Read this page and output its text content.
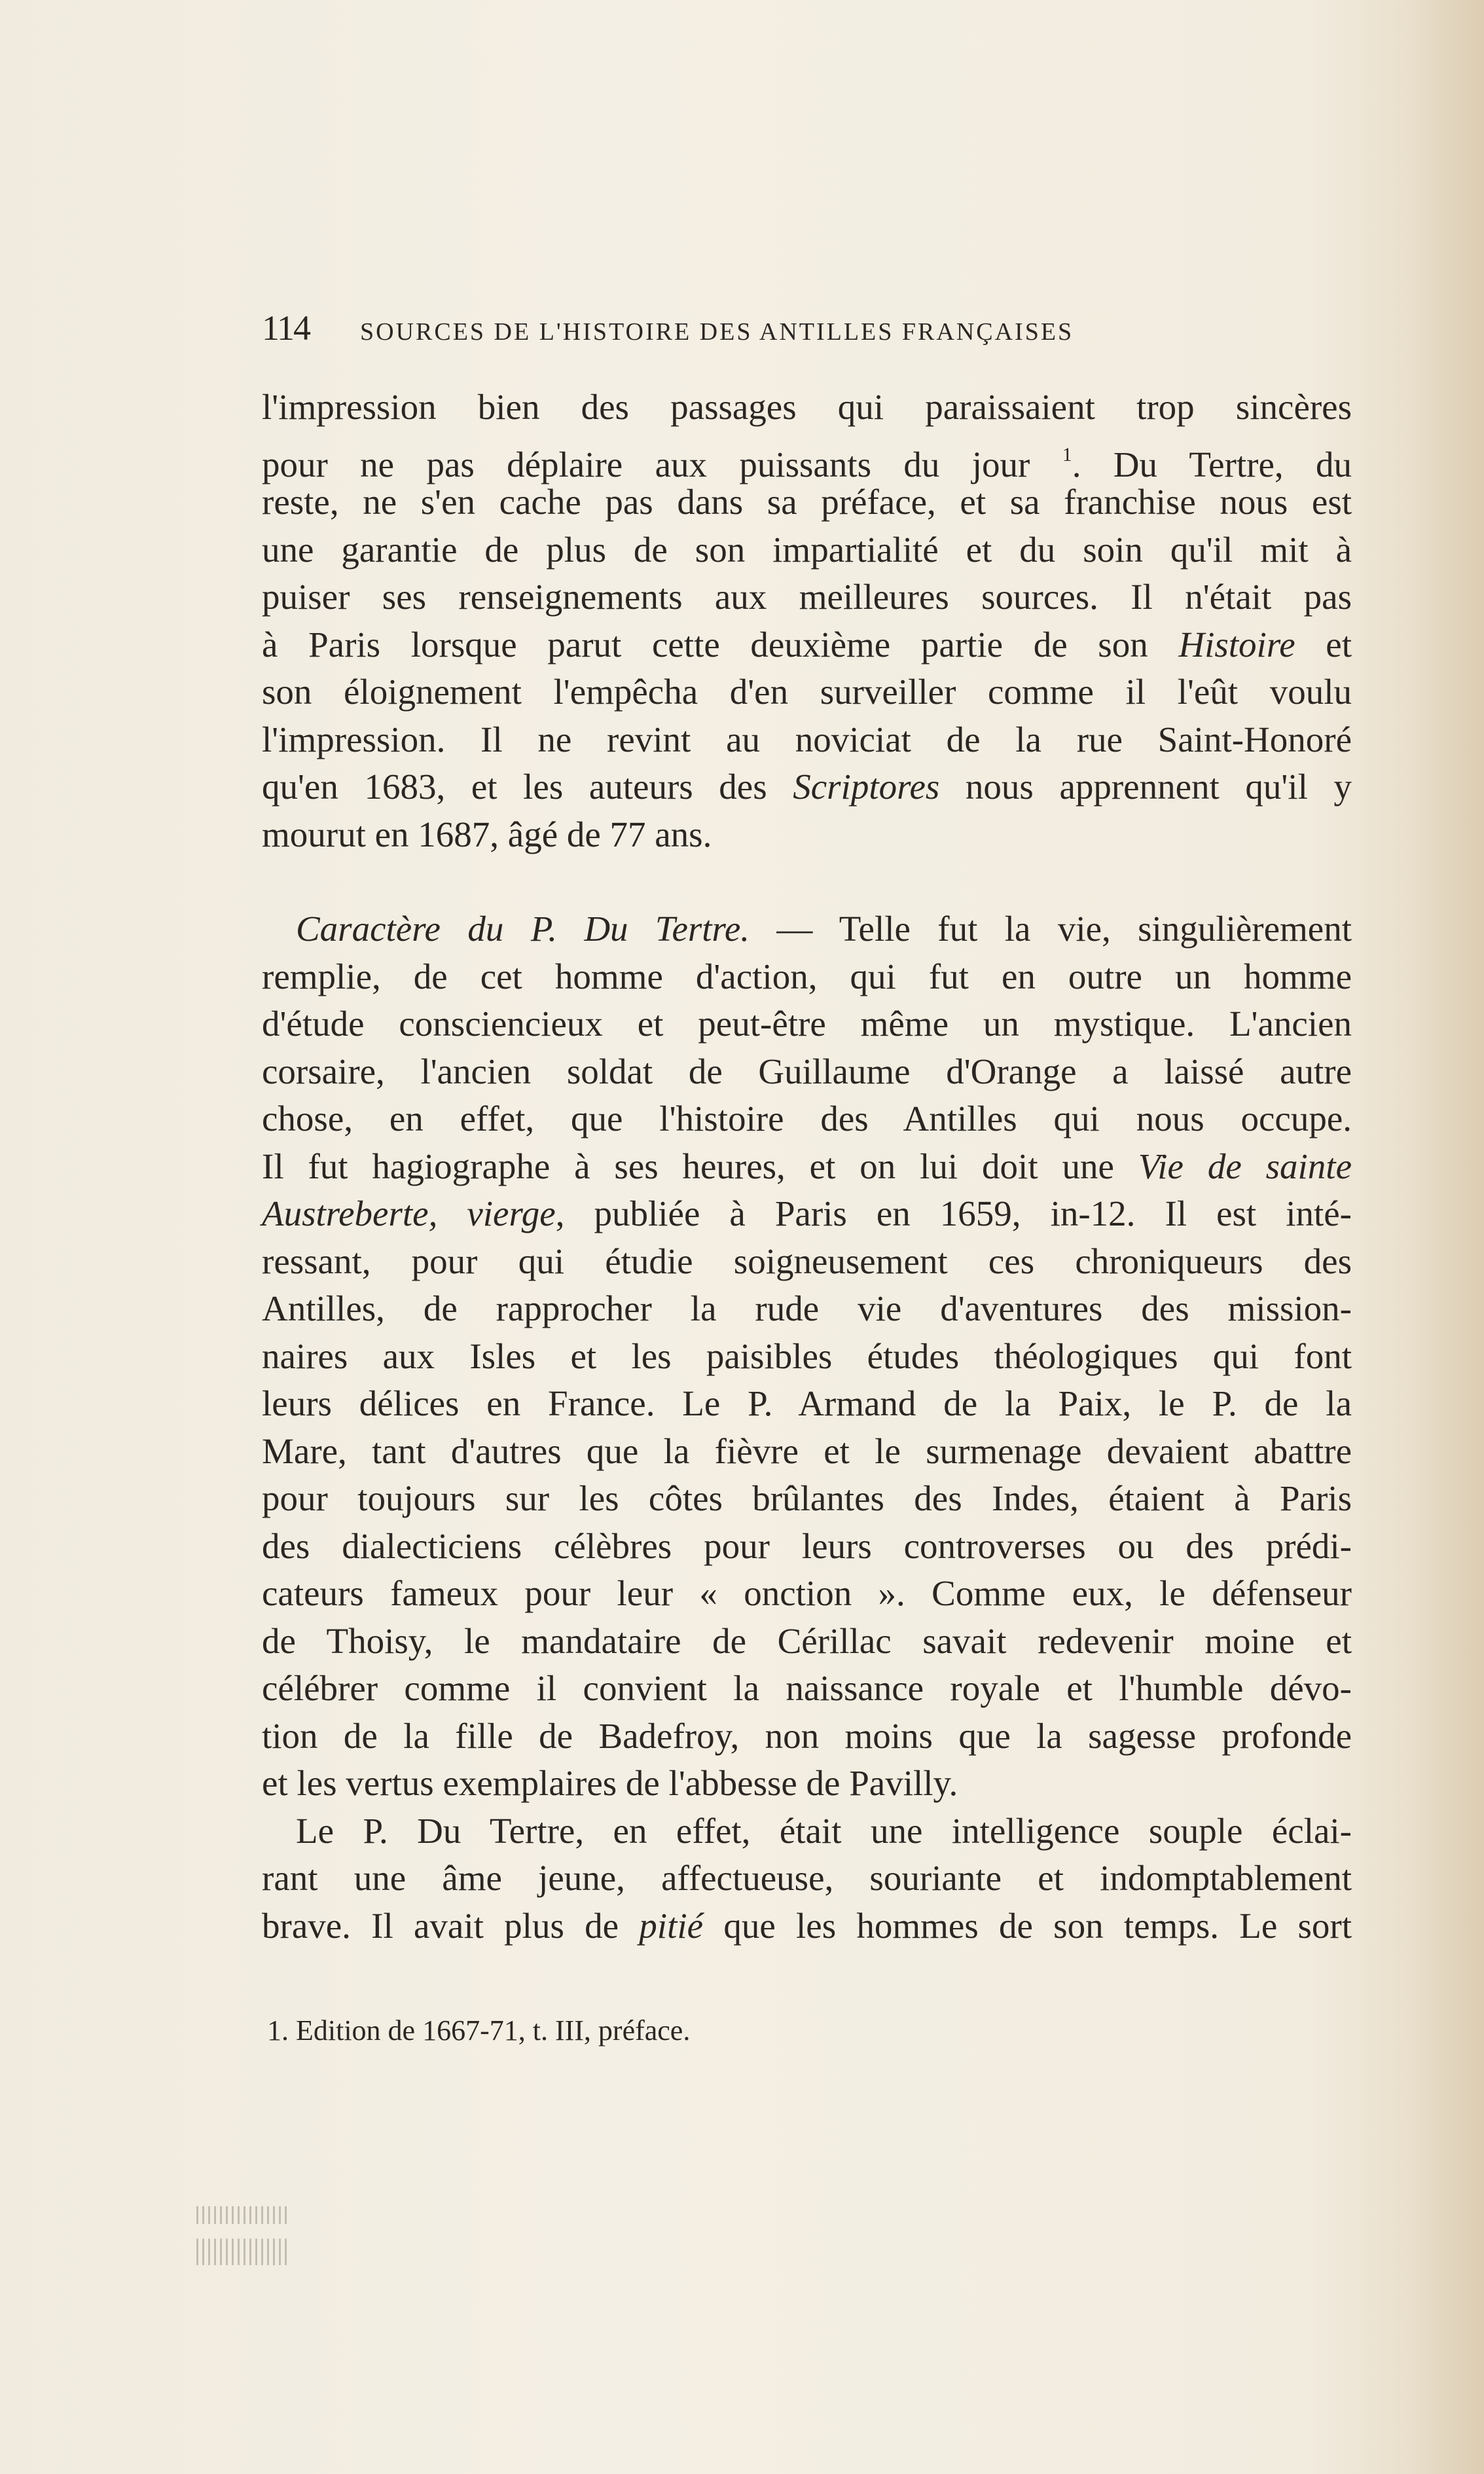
114	SOURCES DE L'HISTOIRE DES ANTILLES FRANÇAISES
l'impression bien des passages qui paraissaient trop sincères
pour ne pas déplaire aux puissants du jour $^1$. Du Tertre, du
reste, ne s'en cache pas dans sa préface, et sa franchise nous est
une garantie de plus de son impartialité et du soin qu'il mit à
puiser ses renseignements aux meilleures sources. Il n'était pas
à Paris lorsque parut cette deuxième partie de son Histoire et
son éloignement l'empêcha d'en surveiller comme il l'eût voulu
l'impression. Il ne revint au noviciat de la rue Saint-Honoré
qu'en 1683, et les auteurs des Scriptores nous apprennent qu'il y
mourut en 1687, âgé de 77 ans.
Caractère du P. Du Tertre. — Telle fut la vie, singulièrement
remplie, de cet homme d'action, qui fut en outre un homme
d'étude consciencieux et peut-être même un mystique. L'ancien
corsaire, l'ancien soldat de Guillaume d'Orange a laissé autre
chose, en effet, que l'histoire des Antilles qui nous occupe.
Il fut hagiographe à ses heures, et on lui doit une Vie de sainte
Austreberte, vierge, publiée à Paris en 1659, in-12. Il est inté-
ressant, pour qui étudie soigneusement ces chroniqueurs des
Antilles, de rapprocher la rude vie d'aventures des mission-
naires aux Isles et les paisibles études théologiques qui font
leurs délices en France. Le P. Armand de la Paix, le P. de la
Mare, tant d'autres que la fièvre et le surmenage devaient abattre
pour toujours sur les côtes brûlantes des Indes, étaient à Paris
des dialecticiens célèbres pour leurs controverses ou des prédi-
cateurs fameux pour leur « onction ». Comme eux, le défenseur
de Thoisy, le mandataire de Cérillac savait redevenir moine et
célébrer comme il convient la naissance royale et l'humble dévo-
tion de la fille de Badefroy, non moins que la sagesse profonde
et les vertus exemplaires de l'abbesse de Pavilly.
Le P. Du Tertre, en effet, était une intelligence souple éclai-
rant une âme jeune, affectueuse, souriante et indomptablement
brave. Il avait plus de pitié que les hommes de son temps. Le sort
1. Edition de 1667-71, t. III, préface.
